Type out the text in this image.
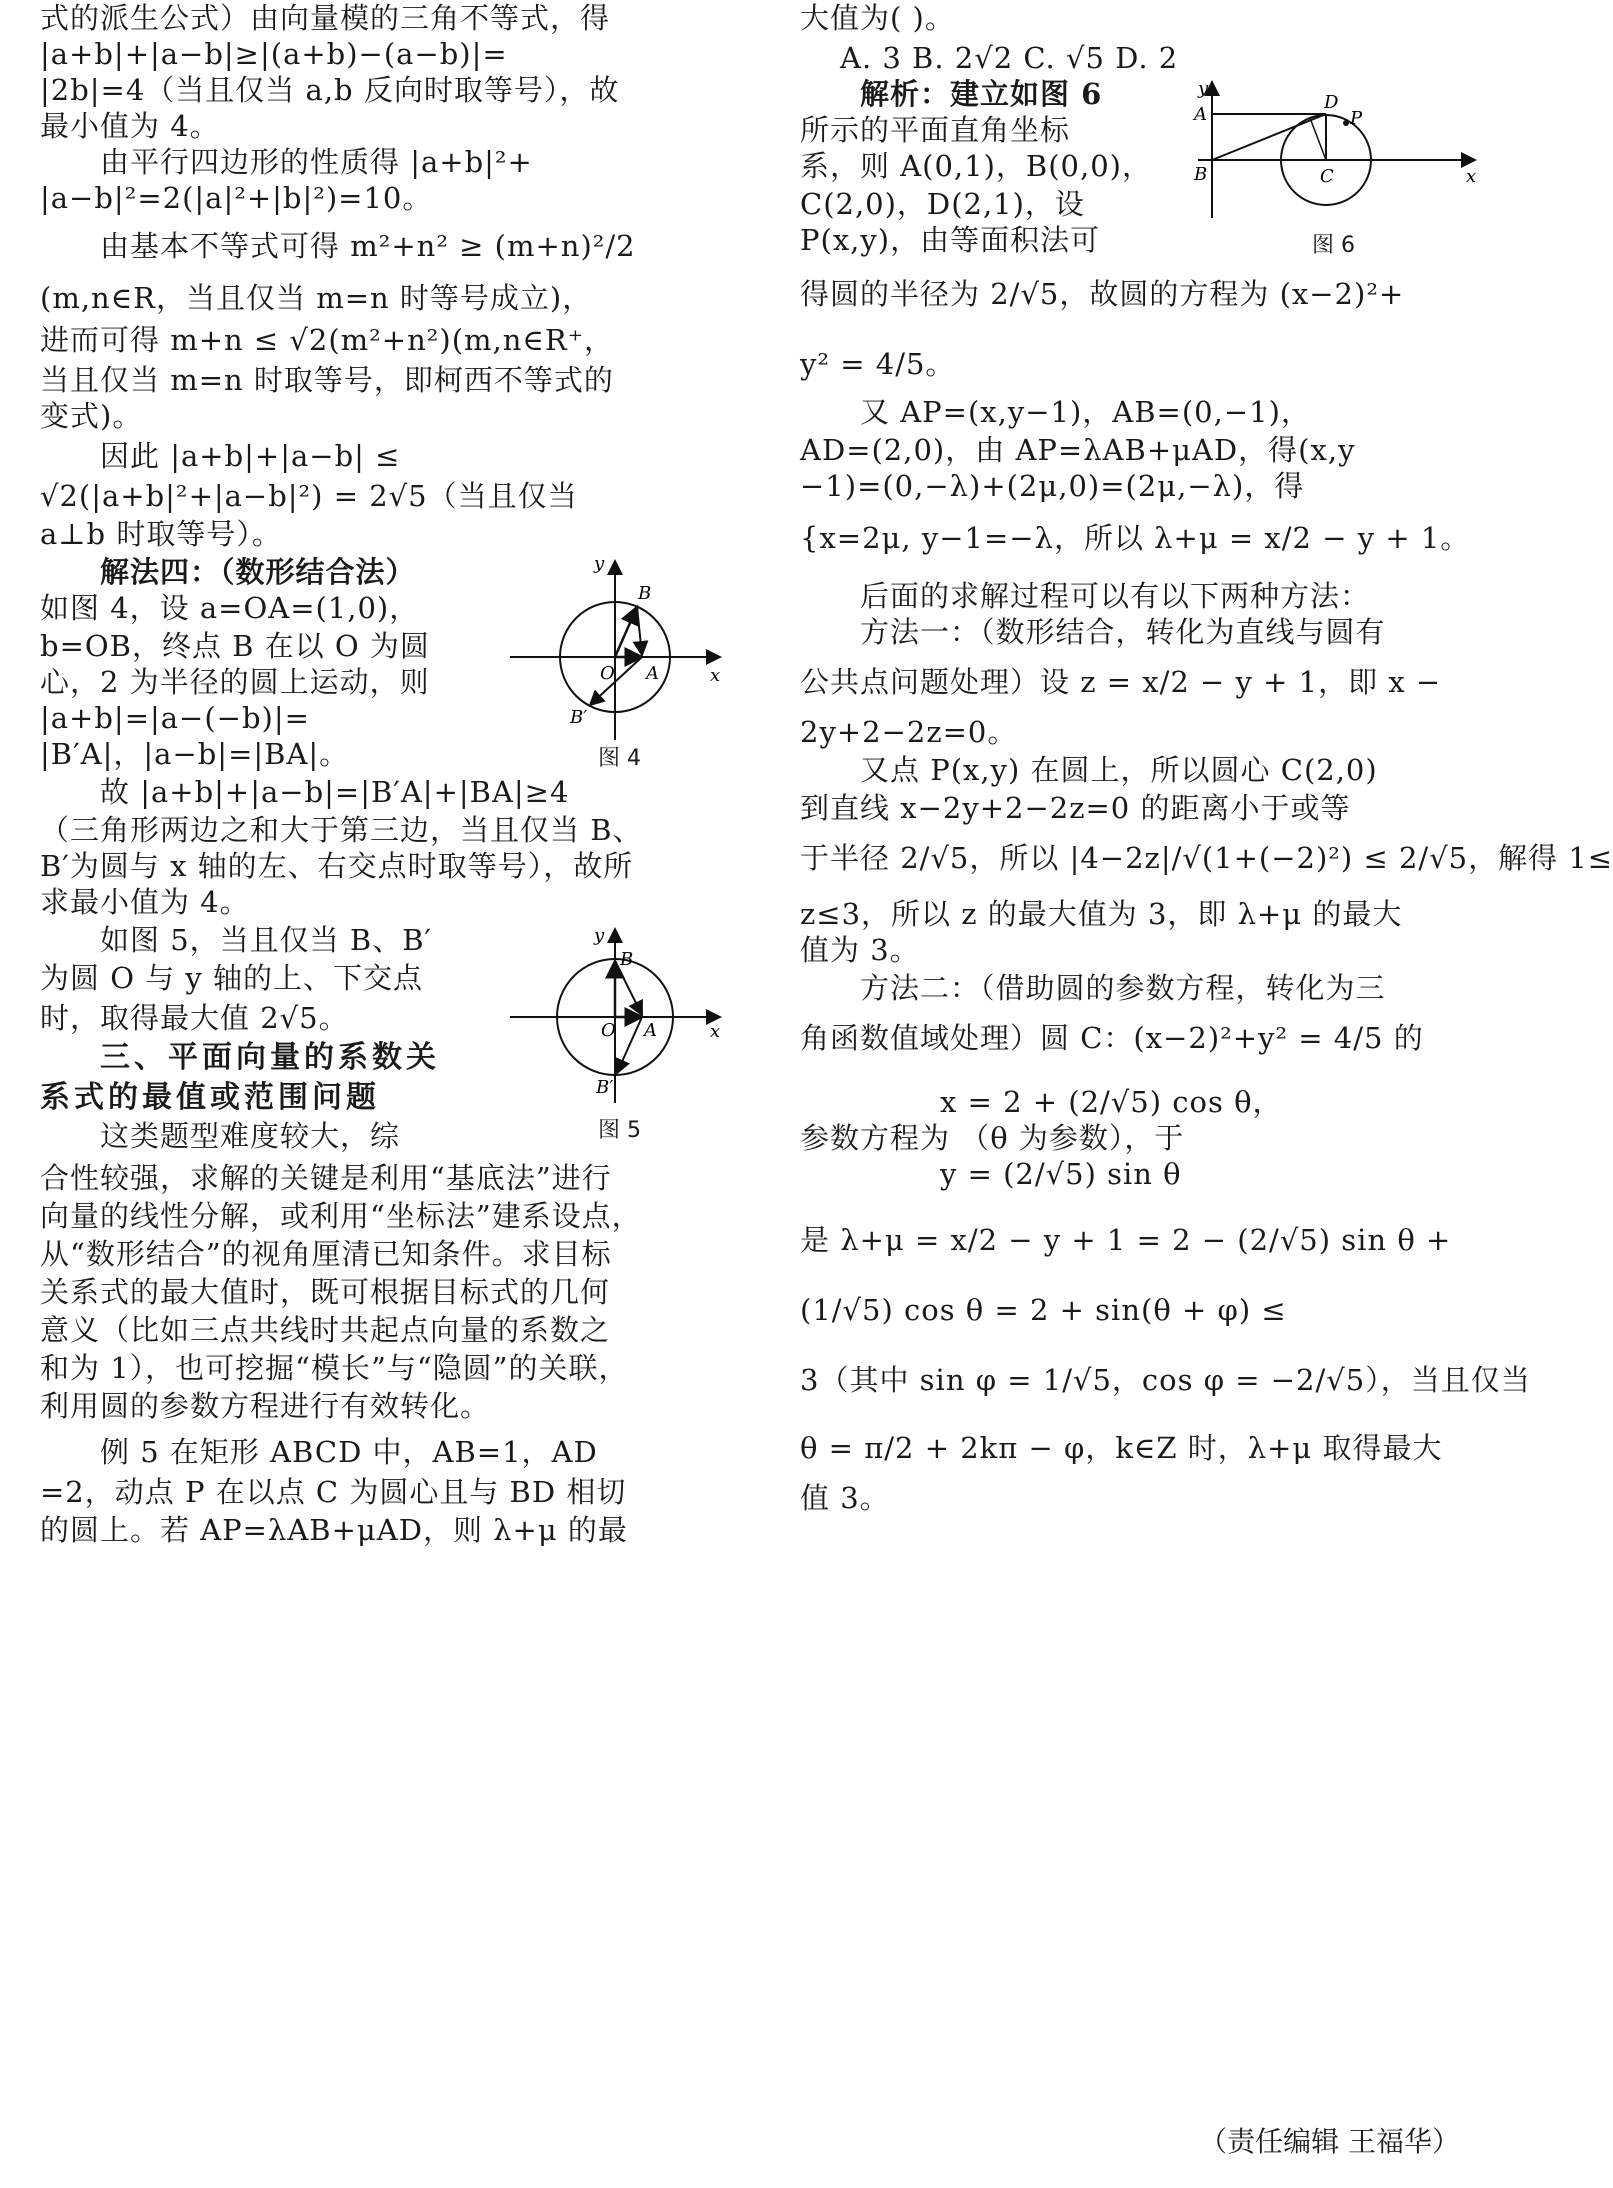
式的派生公式）由向量模的三角不等式，得
|a+b|+|a−b|≥|(a+b)−(a−b)|=
|2b|=4（当且仅当 a,b 反向时取等号），故
最小值为 4。
由平行四边形的性质得 |a+b|²+
|a−b|²=2(|a|²+|b|²)=10。
由基本不等式可得 m²+n² ≥ (m+n)²/2
(m,n∈R，当且仅当 m=n 时等号成立)，
进而可得 m+n ≤ √2(m²+n²)(m,n∈R⁺，
当且仅当 m=n 时取等号，即柯西不等式的
变式)。
因此 |a+b|+|a−b| ≤
√2(|a+b|²+|a−b|²) = 2√5（当且仅当
a⊥b 时取等号）。
解法四：（数形结合法）
如图 4，设 a=OA=(1,0)，
b=OB，终点 B 在以 O 为圆
心，2 为半径的圆上运动，则
|a+b|=|a−(−b)|=
|B′A|，|a−b|=|BA|。
故 |a+b|+|a−b|=|B′A|+|BA|≥4
（三角形两边之和大于第三边，当且仅当 B、
B′为圆与 x 轴的左、右交点时取等号），故所
求最小值为 4。
如图 5，当且仅当 B、B′
为圆 O 与 y 轴的上、下交点
时，取得最大值 2√5。
三、平面向量的系数关
系式的最值或范围问题
这类题型难度较大，综
合性较强，求解的关键是利用“基底法”进行
向量的线性分解，或利用“坐标法”建系设点，
从“数形结合”的视角厘清已知条件。求目标
关系式的最大值时，既可根据目标式的几何
意义（比如三点共线时共起点向量的系数之
和为 1），也可挖掘“模长”与“隐圆”的关联，
利用圆的参数方程进行有效转化。
例 5 在矩形 ABCD 中，AB=1，AD
=2，动点 P 在以点 C 为圆心且与 BD 相切
的圆上。若 AP=λAB+μAD，则 λ+μ 的最
y
x
O A
B
B′
图 4
y
x
O A
B
B′
图 5
大值为( )。
A. 3 B. 2√2 C. √5 D. 2
解析：建立如图 6
所示的平面直角坐标
系，则 A(0,1)，B(0,0)，
C(2,0)，D(2,1)，设
P(x,y)，由等面积法可
得圆的半径为 2/√5，故圆的方程为 (x−2)²+
y² = 4/5。
又 AP=(x,y−1)，AB=(0,−1)，
AD=(2,0)，由 AP=λAB+μAD，得(x,y
−1)=(0,−λ)+(2μ,0)=(2μ,−λ)，得
{x=2μ, y−1=−λ，所以 λ+μ = x/2 − y + 1。
后面的求解过程可以有以下两种方法：
方法一：（数形结合，转化为直线与圆有
公共点问题处理）设 z = x/2 − y + 1，即 x −
2y+2−2z=0。
又点 P(x,y) 在圆上，所以圆心 C(2,0)
到直线 x−2y+2−2z=0 的距离小于或等
于半径 2/√5，所以 |4−2z|/√(1+(−2)²) ≤ 2/√5，解得 1≤
z≤3，所以 z 的最大值为 3，即 λ+μ 的最大
值为 3。
方法二：（借助圆的参数方程，转化为三
角函数值域处理）圆 C：(x−2)²+y² = 4/5 的
x = 2 + (2/√5) cos θ，
参数方程为 （θ 为参数），于
y = (2/√5) sin θ
是 λ+μ = x/2 − y + 1 = 2 − (2/√5) sin θ +
(1/√5) cos θ = 2 + sin(θ + φ) ≤
3（其中 sin φ = 1/√5，cos φ = −2/√5），当且仅当
θ = π/2 + 2kπ − φ，k∈Z 时，λ+μ 取得最大
值 3。
y
x
A
B	C
D
P
图 6
（责任编辑 王福华）
